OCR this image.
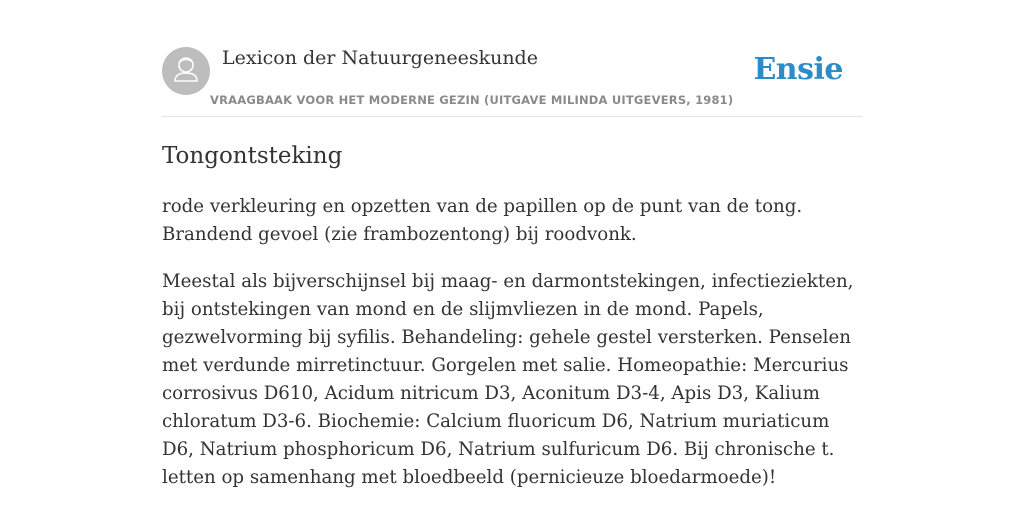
Lexicon der Natuurgeneeskunde
VRAAGBAAK VOOR HET MODERNE GEZIN (UITGAVE MILINDA UITGEVERS, 1981)
Ensie
Tongontsteking

rode verkleuring en opzetten van de papillen op de punt van de tong. Brandend gevoel (zie frambozentong) bij roodvonk.

Meestal als bijverschijnsel bij maag- en darmontstekingen, infectieziekten, bij ontstekingen van mond en de slijmvliezen in de mond. Papels, gezwelvorming bij syfilis. Behandeling: gehele gestel versterken. Penselen met verdunde mirretinctuur. Gorgelen met salie. Homeopathie: Mercurius corrosivus D610, Acidum nitricum D3, Aconitum D3-4, Apis D3, Kalium chloratum D3-6. Biochemie: Calcium fluoricum D6, Natrium muriaticum D6, Natrium phosphoricum D6, Natrium sulfuricum D6. Bij chronische t. letten op samenhang met bloedbeeld (pernicieuze bloedarmoede)!
